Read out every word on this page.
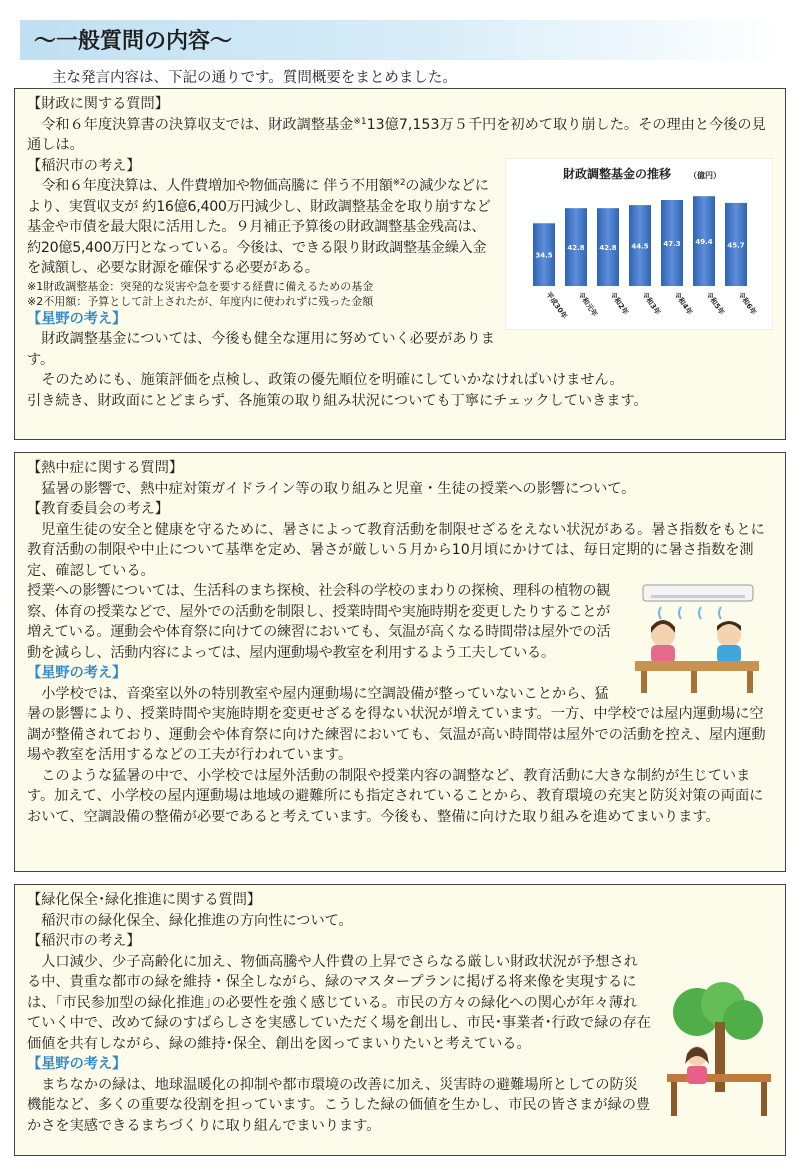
〜一般質問の内容〜
主な発言内容は、下記の通りです。質問概要をまとめました。
【財政に関する質問】

令和６年度決算書の決算収支では、財政調整基金$^{※1}$13億7,153万５千円を初めて取り崩した。その理由と今後の見通しは。

財政調整基金の推移 （億円）
34.5
42.8 42.8 44.5 47.3 49.4 45.7
平成30年 令和元年 令和2年 令和3年 令和4年 令和5年 令和6年
【稲沢市の考え】

令和６年度決算は、人件費増加や物価高騰に 伴う不用額$^{※2}$の減少などにより、実質収支が 約16億6,400万円減少し、財政調整基金を取り崩すなど基金や市債を最大限に活用した。９月補正予算後の財政調整基金残高は、約20億5,400万円となっている。今後は、できる限り財政調整基金繰入金を減額し、必要な財源を確保する必要がある。

※1財政調整基金：突発的な災害や急を要する経費に備えるための基金

※2不用額：予算として計上されたが、年度内に使われずに残った金額

【星野の考え】

財政調整基金については、今後も健全な運用に努めていく必要があります。

そのためにも、施策評価を点検し、政策の優先順位を明確にしていかなければいけません。

引き続き、財政面にとどまらず、各施策の取り組み状況についても丁寧にチェックしていきます。

【熱中症に関する質問】

猛暑の影響で、熱中症対策ガイドライン等の取り組みと児童・生徒の授業への影響について。

【教育委員会の考え】

児童生徒の安全と健康を守るために、暑さによって教育活動を制限せざるをえない状況がある。暑さ指数をもとに教育活動の制限や中止について基準を定め、暑さが厳しい５月から10月頃にかけては、毎日定期的に暑さ指数を測定、確認している。

授業への影響については、生活科のまち探検、社会科の学校のまわりの探検、理科の植物の観察、体育の授業などで、屋外での活動を制限し、授業時間や実施時期を変更したりすることが増えている。運動会や体育祭に向けての練習においても、気温が高くなる時間帯は屋外での活動を減らし、活動内容によっては、屋内運動場や教室を利用するよう工夫している。

【星野の考え】

小学校では、音楽室以外の特別教室や屋内運動場に空調設備が整っていないことから、猛暑の影響により、授業時間や実施時期を変更せざるを得ない状況が増えています。一方、中学校では屋内運動場に空調が整備されており、運動会や体育祭に向けた練習においても、気温が高い時間帯は屋外での活動を控え、屋内運動場や教室を活用するなどの工夫が行われています。

このような猛暑の中で、小学校では屋外活動の制限や授業内容の調整など、教育活動に大きな制約が生じています。加えて、小学校の屋内運動場は地域の避難所にも指定されていることから、教育環境の充実と防災対策の両面において、空調設備の整備が必要であると考えています。今後も、整備に向けた取り組みを進めてまいります。

【緑化保全･緑化推進に関する質問】

稲沢市の緑化保全、緑化推進の方向性について。

【稲沢市の考え】

人口減少、少子高齢化に加え、物価高騰や人件費の上昇でさらなる厳しい財政状況が予想される中、貴重な都市の緑を維持・保全しながら、緑のマスタープランに掲げる将来像を実現するには、｢市民参加型の緑化推進｣の必要性を強く感じている。市民の方々の緑化への関心が年々薄れていく中で、改めて緑のすばらしさを実感していただく場を創出し、市民･事業者･行政で緑の存在価値を共有しながら、緑の維持･保全、創出を図ってまいりたいと考えている。

【星野の考え】

まちなかの緑は、地球温暖化の抑制や都市環境の改善に加え、災害時の避難場所としての防災機能など、多くの重要な役割を担っています。こうした緑の価値を生かし、市民の皆さまが緑の豊かさを実感できるまちづくりに取り組んでまいります。
